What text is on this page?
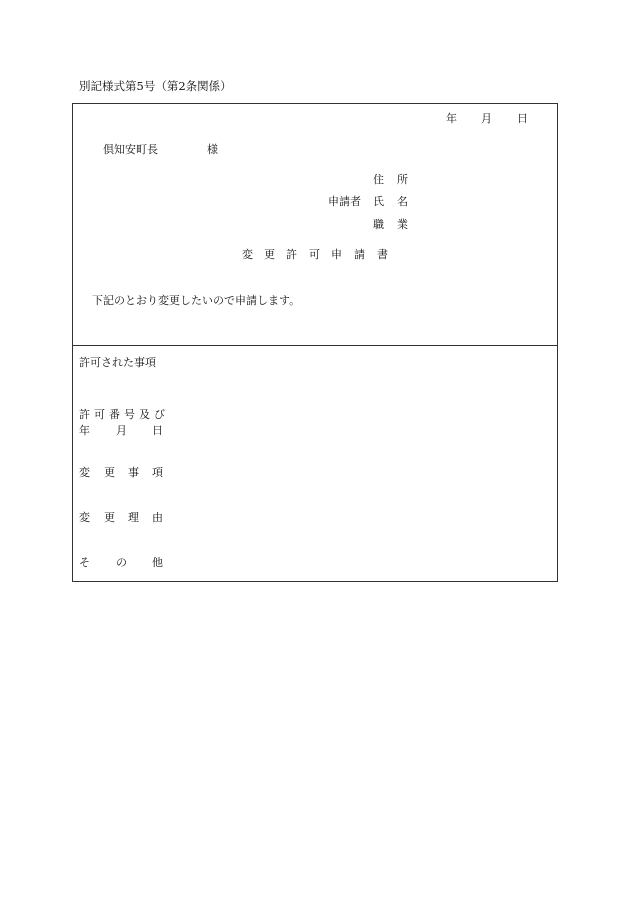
別記様式第5号（第2条関係）
年 月 日
倶知安町長	様
住 所
申請者 氏 名
職 業
変 更 許 可 申 請 書
下記のとおり変更したいので申請します。
許可された事項
許 可 番 号 及 び
年 月 日
変 更 事 項
変 更 理 由
そ の 他
